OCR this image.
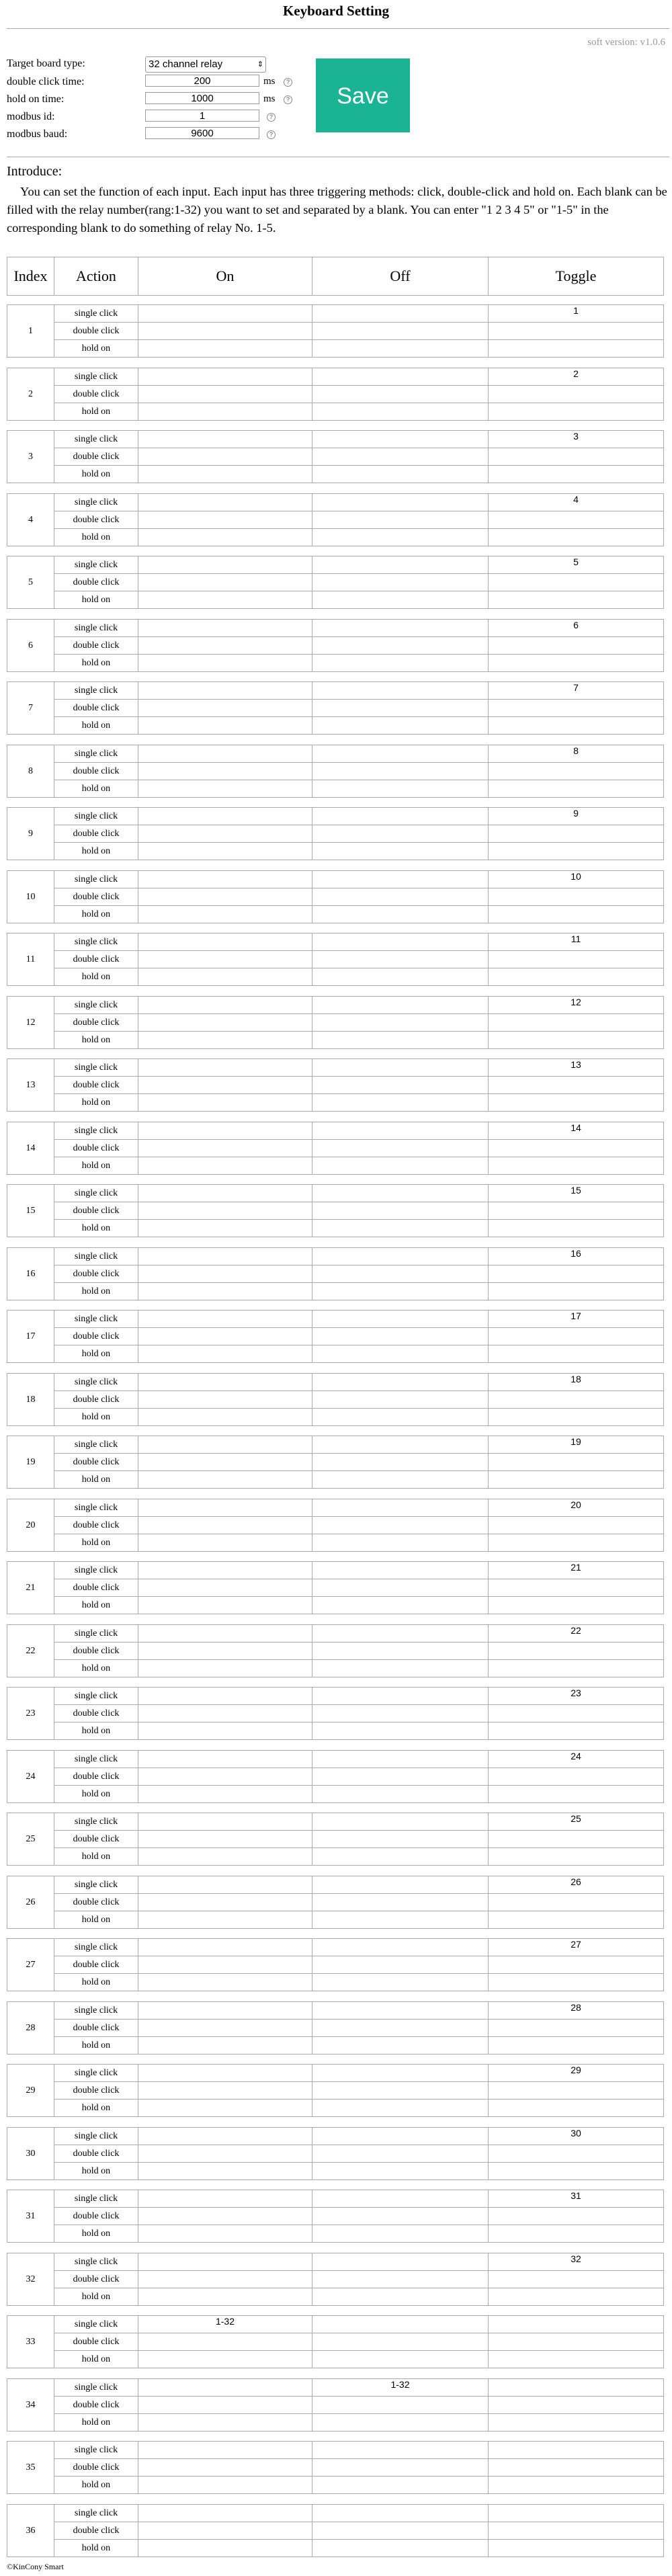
Keyboard Setting
soft version: v1.0.6
Target board type:	32 channel relay	⇕
double click time:
200	ms	?
hold on time:
1000	ms	?
modbus id:
1	?
modbus baud:
9600	?
Save
Introduce:
You can set the function of each input. Each input has three triggering methods: click, double-click and hold on. Each blank can be filled with the relay number(rang:1-32) you want to set and separated by a blank. You can enter "1 2 3 4 5" or "1-5" in the corresponding blank to do something of relay No. 1-5.
Index	Action	On	Off	Toggle
1	single click			1
	double click			
	hold on			
2	single click			2
	double click			
	hold on			
3	single click			3
	double click			
	hold on			
4	single click			4
	double click			
	hold on			
5	single click			5
	double click			
	hold on			
6	single click			6
	double click			
	hold on			
7	single click			7
	double click			
	hold on			
8	single click			8
	double click			
	hold on			
9	single click			9
	double click			
	hold on			
10	single click			10
	double click			
	hold on			
11	single click			11
	double click			
	hold on			
12	single click			12
	double click			
	hold on			
13	single click			13
	double click			
	hold on			
14	single click			14
	double click			
	hold on			
15	single click			15
	double click			
	hold on			
16	single click			16
	double click			
	hold on			
17	single click			17
	double click			
	hold on			
18	single click			18
	double click			
	hold on			
19	single click			19
	double click			
	hold on			
20	single click			20
	double click			
	hold on			
21	single click			21
	double click			
	hold on			
22	single click			22
	double click			
	hold on			
23	single click			23
	double click			
	hold on			
24	single click			24
	double click			
	hold on			
25	single click			25
	double click			
	hold on			
26	single click			26
	double click			
	hold on			
27	single click			27
	double click			
	hold on			
28	single click			28
	double click			
	hold on			
29	single click			29
	double click			
	hold on			
30	single click			30
	double click			
	hold on			
31	single click			31
	double click			
	hold on			
32	single click			32
	double click			
	hold on			
33	single click	1-32		
	double click			
	hold on			
34	single click		1-32	
	double click			
	hold on			
35	single click			
	double click			
	hold on			
36	single click			
	double click			
	hold on			
©KinCony Smart
